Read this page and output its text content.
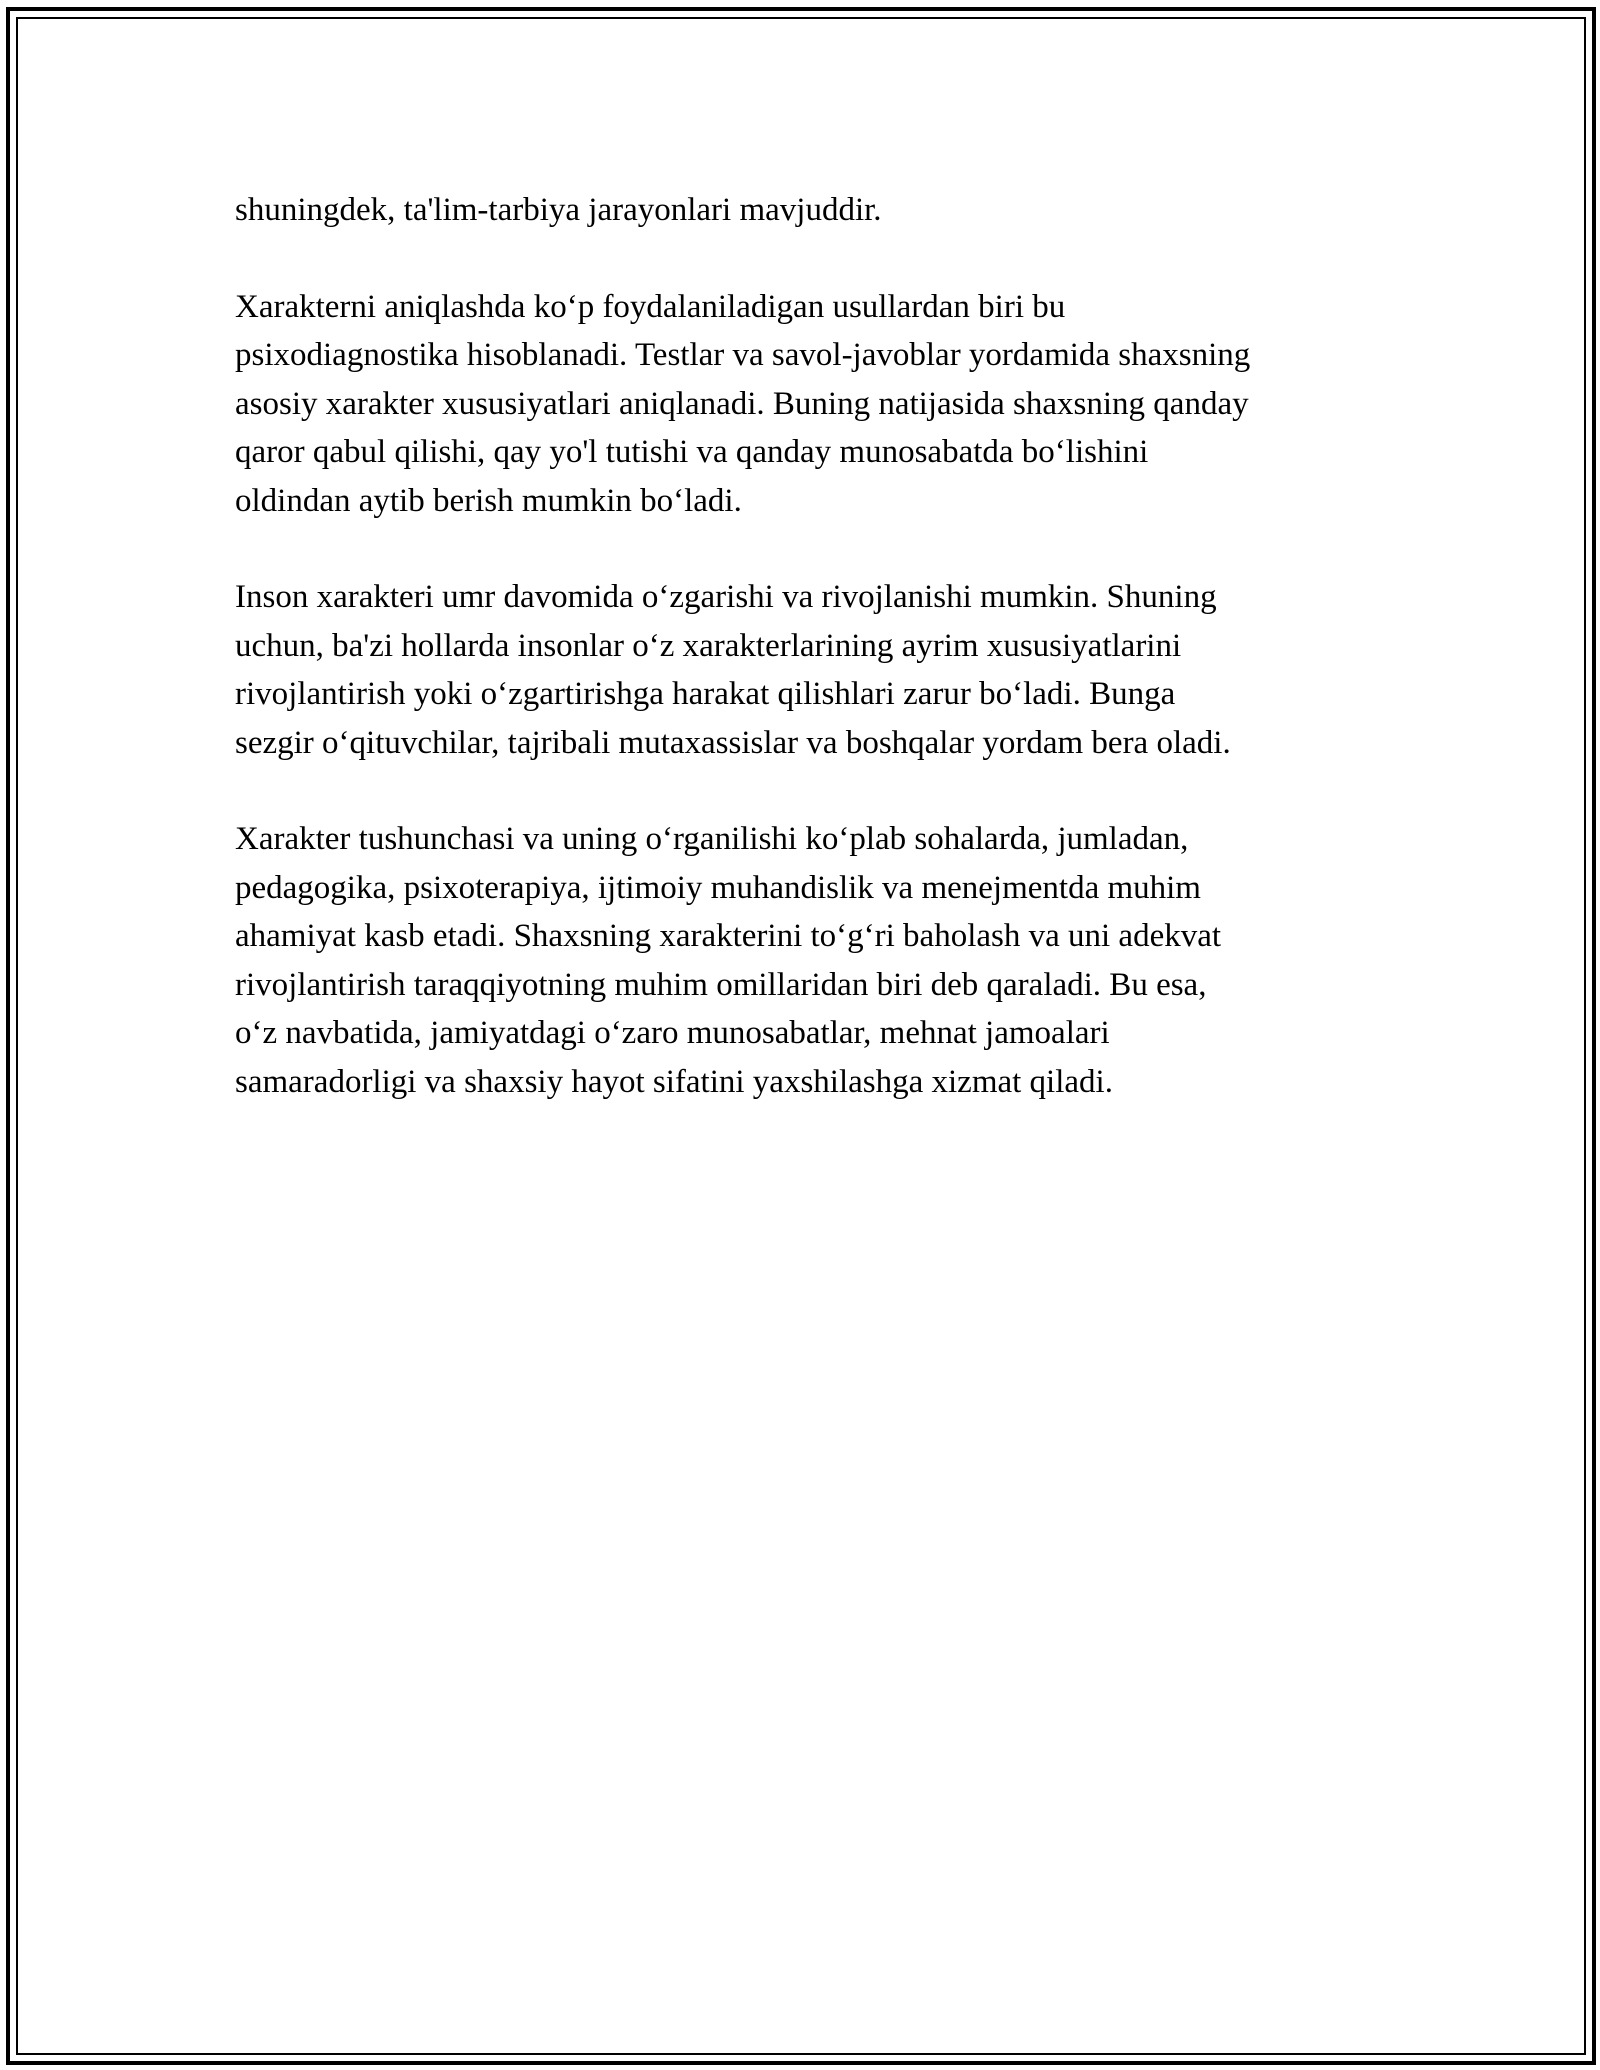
shuningdek, ta'lim-tarbiya jarayonlari mavjuddir.

Xarakterni aniqlashda ko‘p foydalaniladigan usullardan biri bu
psixodiagnostika hisoblanadi. Testlar va savol-javoblar yordamida shaxsning
asosiy xarakter xususiyatlari aniqlanadi. Buning natijasida shaxsning qanday
qaror qabul qilishi, qay yo'l tutishi va qanday munosabatda bo‘lishini
oldindan aytib berish mumkin bo‘ladi.

Inson xarakteri umr davomida o‘zgarishi va rivojlanishi mumkin. Shuning
uchun, ba'zi hollarda insonlar o‘z xarakterlarining ayrim xususiyatlarini
rivojlantirish yoki o‘zgartirishga harakat qilishlari zarur bo‘ladi. Bunga
sezgir o‘qituvchilar, tajribali mutaxassislar va boshqalar yordam bera oladi.

Xarakter tushunchasi va uning o‘rganilishi ko‘plab sohalarda, jumladan,
pedagogika, psixoterapiya, ijtimoiy muhandislik va menejmentda muhim
ahamiyat kasb etadi. Shaxsning xarakterini to‘g‘ri baholash va uni adekvat
rivojlantirish taraqqiyotning muhim omillaridan biri deb qaraladi. Bu esa,
o‘z navbatida, jamiyatdagi o‘zaro munosabatlar, mehnat jamoalari
samaradorligi va shaxsiy hayot sifatini yaxshilashga xizmat qiladi.
